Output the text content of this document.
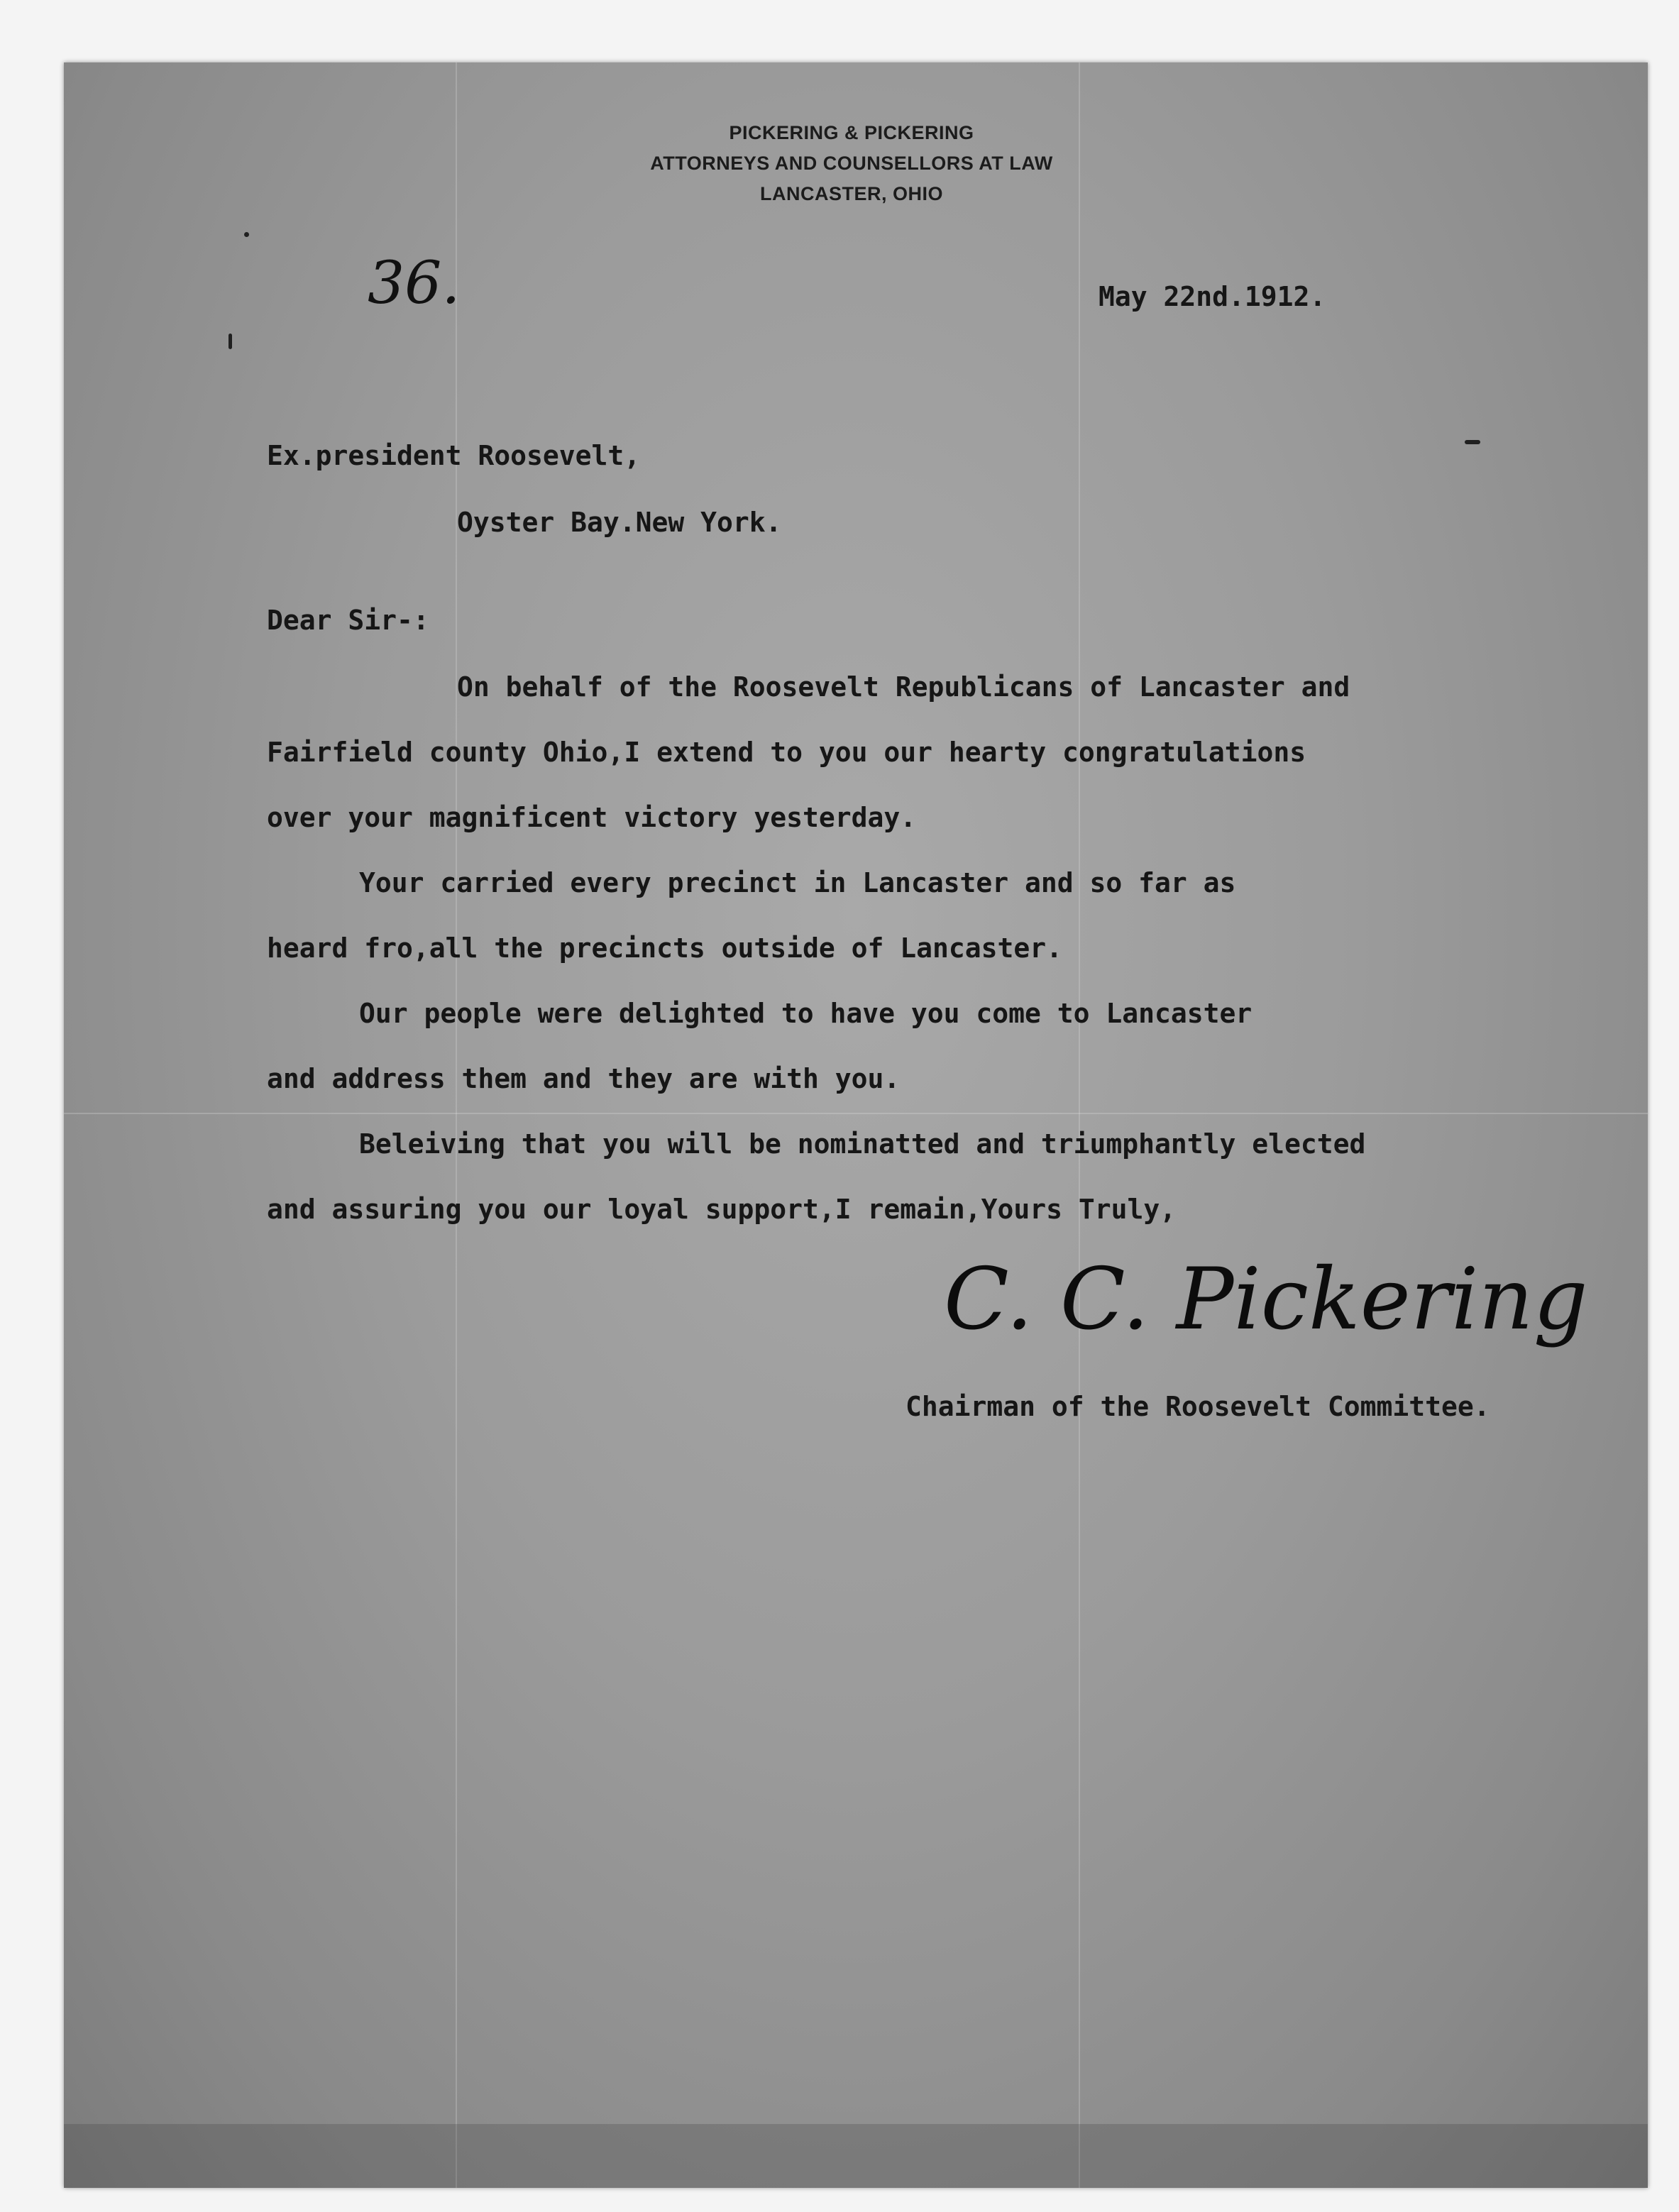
PICKERING & PICKERING
ATTORNEYS AND COUNSELLORS AT LAW
LANCASTER, OHIO
36.	May 22nd.1912.
Ex.president Roosevelt,
Oyster Bay.New York.
Dear Sir-:
On behalf of the Roosevelt Republicans of Lancaster and
Fairfield county Ohio,I extend to you our hearty congratulations
over your magnificent victory yesterday.
Your carried every precinct in Lancaster and so far as
heard fro,all the precincts outside of Lancaster.
Our people were delighted to have you come to Lancaster
and address them and they are with you.
Beleiving that you will be nominatted and triumphantly elected
and assuring you our loyal support,I remain,Yours Truly,
C. C. Pickering
Chairman of the Roosevelt Committee.
